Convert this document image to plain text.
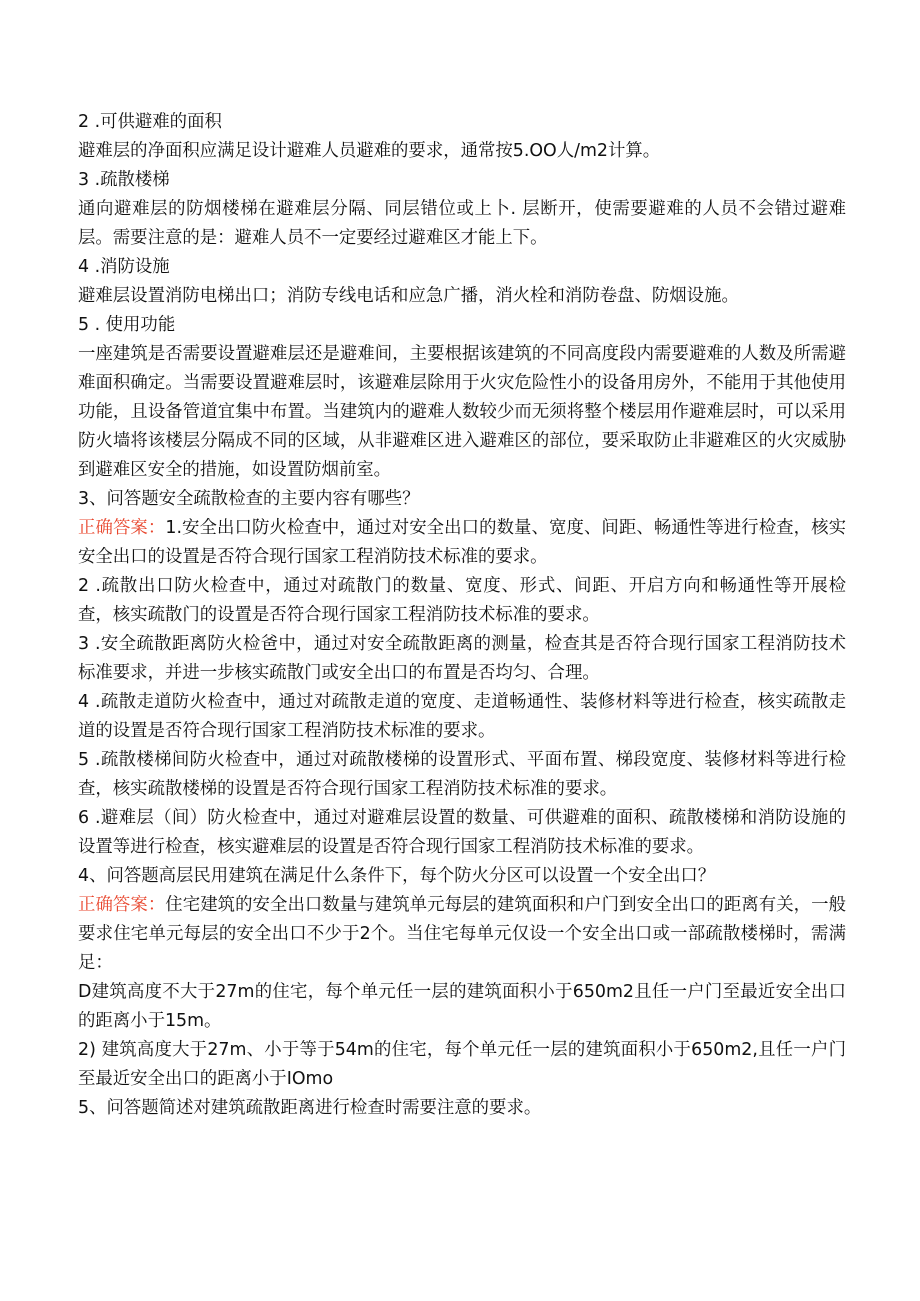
2 .可供避难的面积

避难层的净面积应满足设计避难人员避难的要求，通常按5.OO人/m2计算。

3 .疏散楼梯

通向避难层的防烟楼梯在避难层分隔、同层错位或上卜. 层断开，使需要避难的人员不会错过避难层。需要注意的是：避难人员不一定要经过避难区才能上下。

4 .消防设施

避难层设置消防电梯出口；消防专线电话和应急广播，消火栓和消防卷盘、防烟设施。

5 . 使用功能

一座建筑是否需要设置避难层还是避难间，主要根据该建筑的不同高度段内需要避难的人数及所需避难面积确定。当需要设置避难层时，该避难层除用于火灾危险性小的设备用房外，不能用于其他使用功能，且设备管道宜集中布置。当建筑内的避难人数较少而无须将整个楼层用作避难层时，可以采用防火墙将该楼层分隔成不同的区域，从非避难区进入避难区的部位，要采取防止非避难区的火灾威胁到避难区安全的措施，如设置防烟前室。

3、问答题安全疏散检查的主要内容有哪些？

正确答案：1.安全出口防火检查中，通过对安全出口的数量、宽度、间距、畅通性等进行检查，核实安全出口的设置是否符合现行国家工程消防技术标准的要求。

2 .疏散出口防火检查中，通过对疏散门的数量、宽度、形式、间距、开启方向和畅通性等开展检查，核实疏散门的设置是否符合现行国家工程消防技术标准的要求。

3 .安全疏散距离防火检爸中，通过对安全疏散距离的测量，检查其是否符合现行国家工程消防技术标准要求，并进一步核实疏散门或安全出口的布置是否均匀、合理。

4 .疏散走道防火检查中，通过对疏散走道的宽度、走道畅通性、装修材料等进行检查，核实疏散走道的设置是否符合现行国家工程消防技术标准的要求。

5 .疏散楼梯间防火检查中，通过对疏散楼梯的设置形式、平面布置、梯段宽度、装修材料等进行检查，核实疏散楼梯的设置是否符合现行国家工程消防技术标准的要求。

6 .避难层（间）防火检查中，通过对避难层设置的数量、可供避难的面积、疏散楼梯和消防设施的设置等进行检查，核实避难层的设置是否符合现行国家工程消防技术标准的要求。

4、问答题高层民用建筑在满足什么条件下，每个防火分区可以设置一个安全出口？

正确答案：住宅建筑的安全出口数量与建筑单元每层的建筑面积和户门到安全出口的距离有关，一般要求住宅单元每层的安全出口不少于2个。当住宅每单元仅设一个安全出口或一部疏散楼梯时，需满足：

D建筑高度不大于27m的住宅，每个单元任一层的建筑面积小于650m2且任一户门至最近安全出口的距离小于15m。

2) 建筑高度大于27m、小于等于54m的住宅，每个单元任一层的建筑面积小于650m2,且任一户门至最近安全出口的距离小于IOmo

5、问答题简述对建筑疏散距离进行检查时需要注意的要求。
